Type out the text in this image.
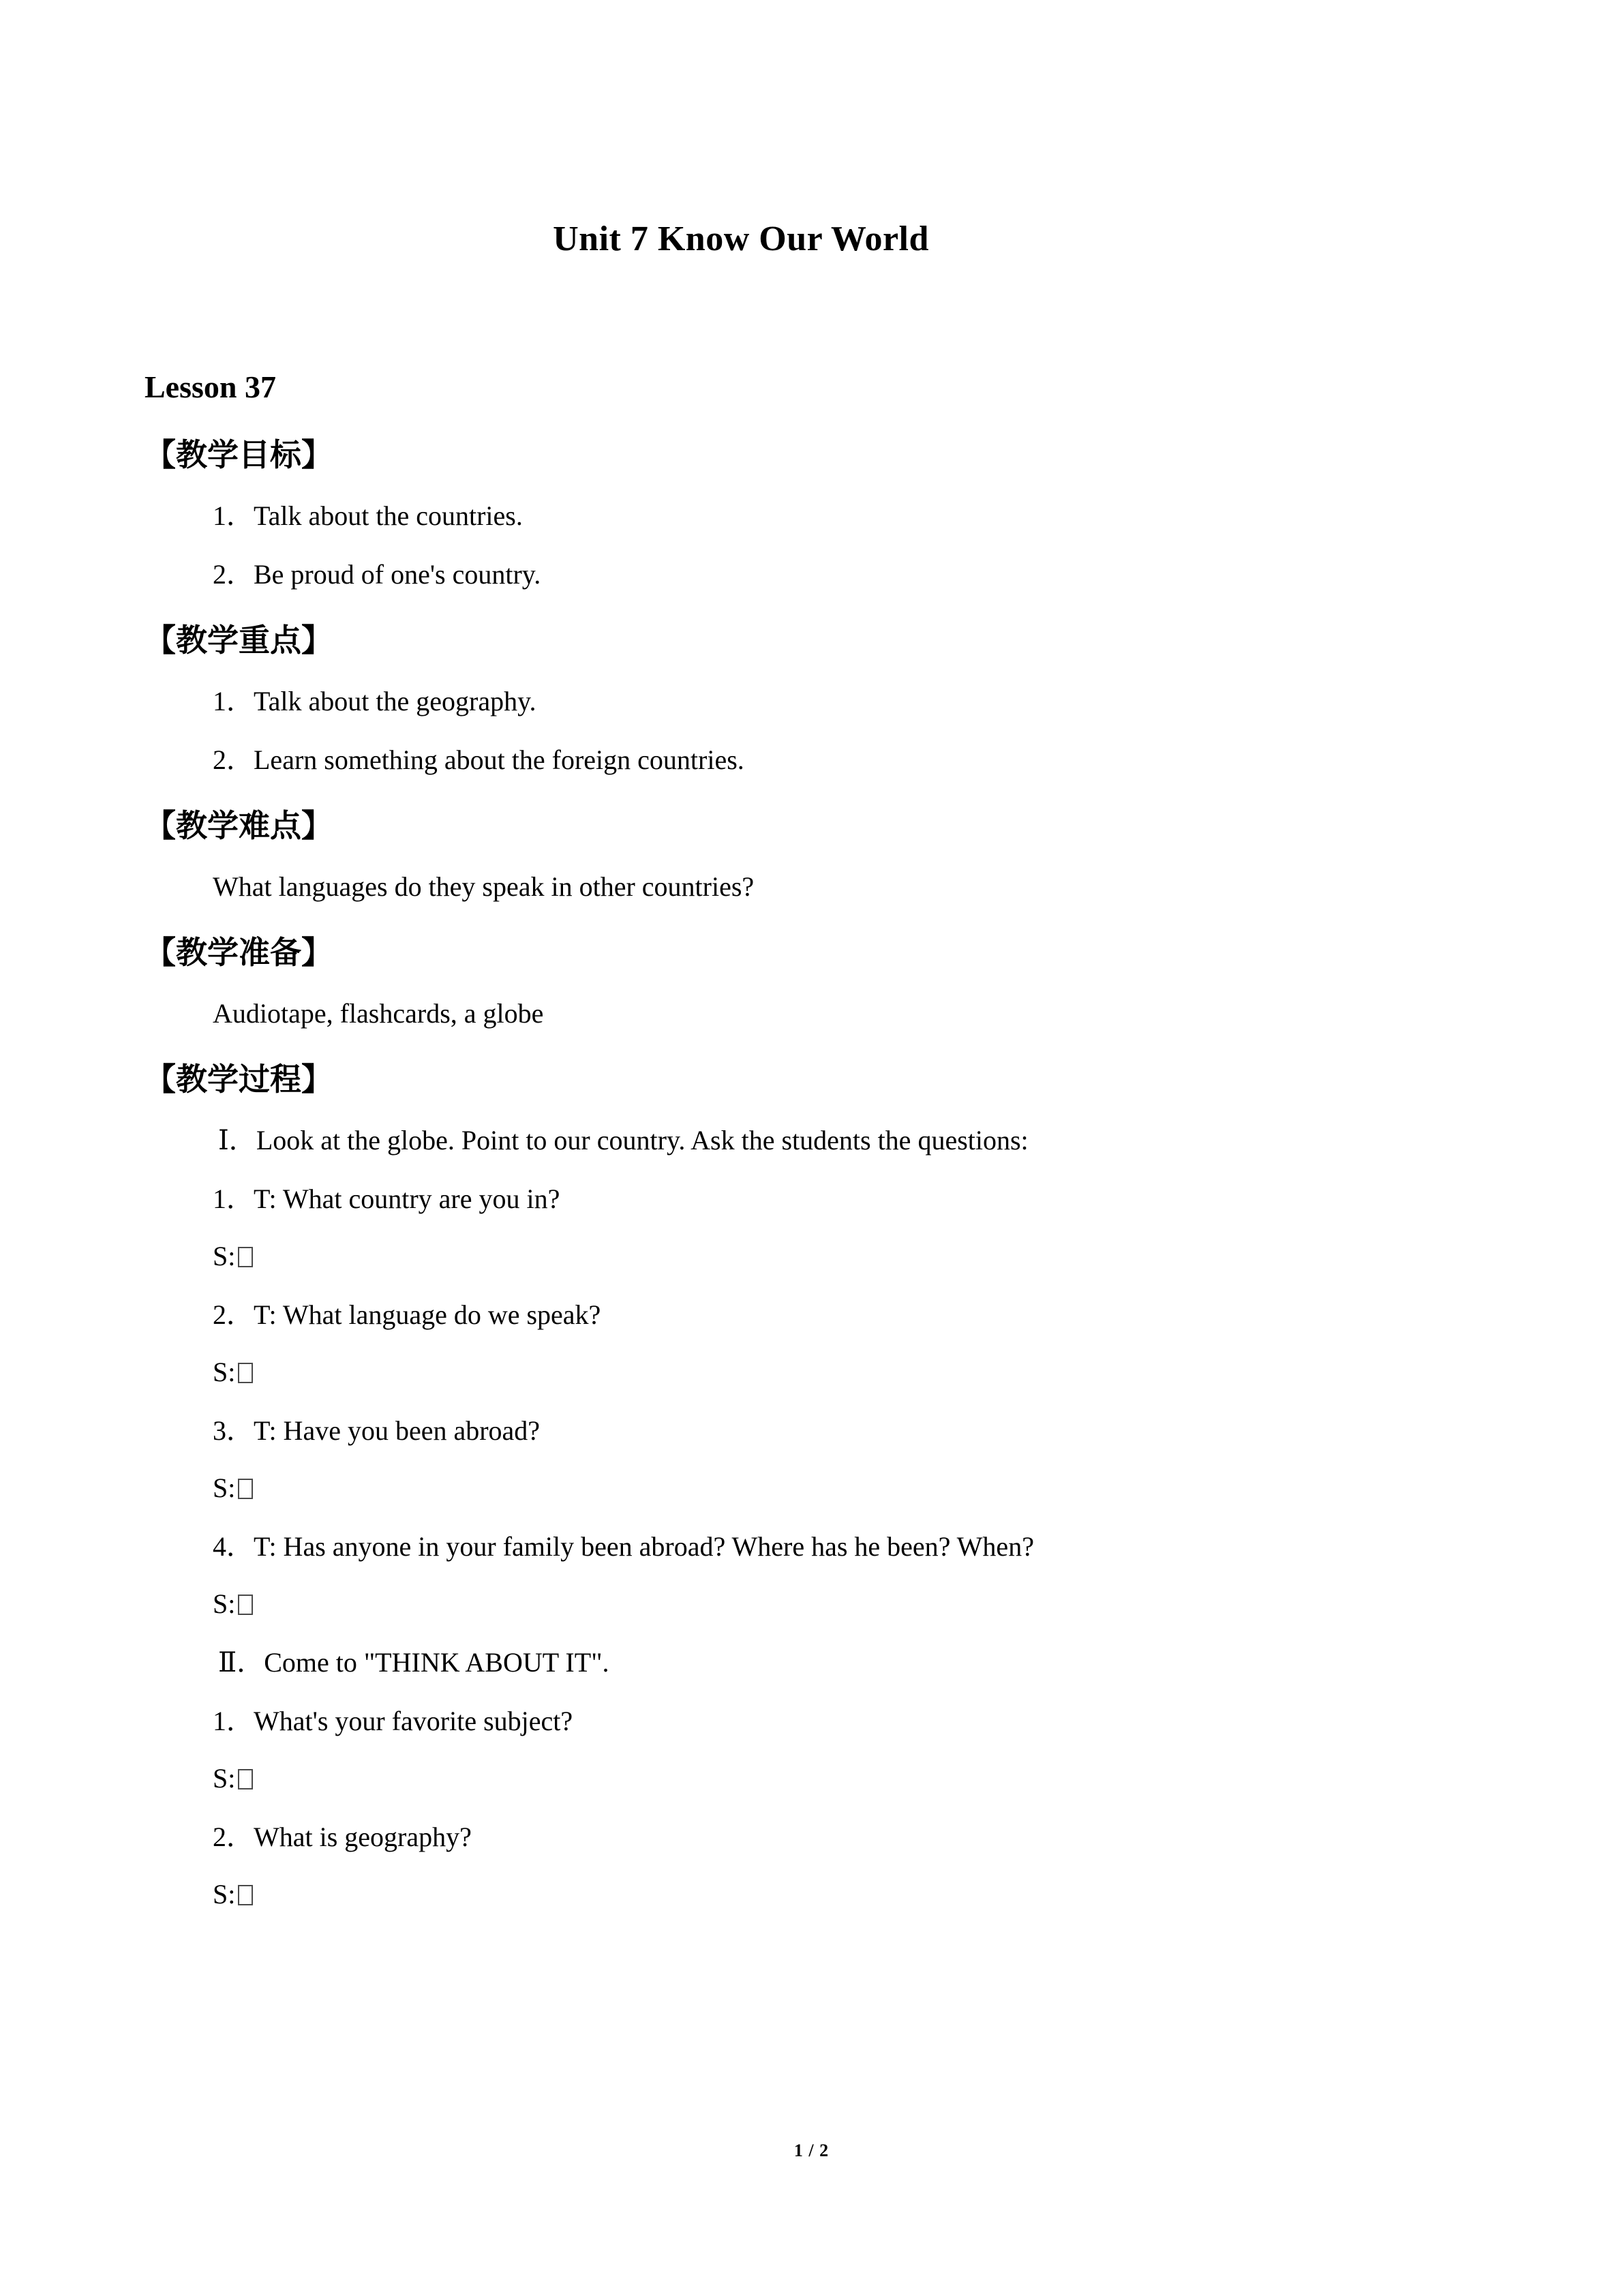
Unit 7 Know Our World
Lesson 37
【教学目标】
1．Talk about the countries.
2．Be proud of one's country.
【教学重点】
1．Talk about the geography.
2．Learn something about the foreign countries.
【教学难点】
What languages do they speak in other countries?
【教学准备】
Audiotape, flashcards, a globe
【教学过程】
Ⅰ．Look at the globe. Point to our country. Ask the students the questions:
1．T: What country are you in?
S:
2．T: What language do we speak?
S:
3．T: Have you been abroad?
S:
4．T: Has anyone in your family been abroad? Where has he been? When?
S:
Ⅱ．Come to "THINK ABOUT IT".
1．What's your favorite subject?
S:
2．What is geography?
S:
1 / 2
